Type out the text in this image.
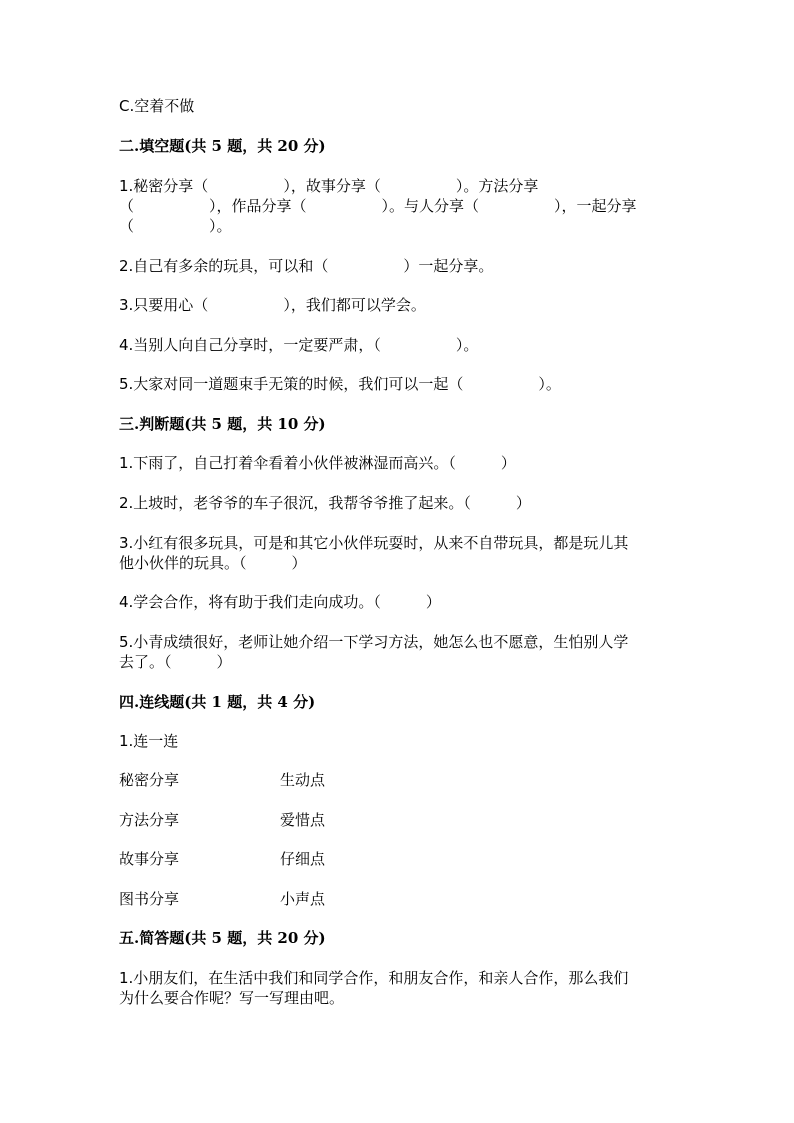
C.空着不做
二.填空题(共 5 题，共 20 分)
1.秘密分享（　　　　　），故事分享（　　　　　）。方法分享
（　　　　　），作品分享（　　　　　）。与人分享（　　　　　），一起分享
（　　　　　）。
2.自己有多余的玩具，可以和（　　　　　）一起分享。
3.只要用心（　　　　　），我们都可以学会。
4.当别人向自己分享时，一定要严肃，（　　　　　）。
5.大家对同一道题束手无策的时候，我们可以一起（　　　　　）。
三.判断题(共 5 题，共 10 分)
1.下雨了，自己打着伞看着小伙伴被淋湿而高兴。（　　　）
2.上坡时，老爷爷的车子很沉，我帮爷爷推了起来。（　　　）
3.小红有很多玩具，可是和其它小伙伴玩耍时，从来不自带玩具，都是玩儿其
他小伙伴的玩具。（　　　）
4.学会合作，将有助于我们走向成功。（　　　）
5.小青成绩很好，老师让她介绍一下学习方法，她怎么也不愿意，生怕别人学
去了。（　　　）
四.连线题(共 1 题，共 4 分)
1.连一连
秘密分享	生动点
方法分享	爱惜点
故事分享	仔细点
图书分享	小声点
五.简答题(共 5 题，共 20 分)
1.小朋友们，在生活中我们和同学合作，和朋友合作，和亲人合作，那么我们
为什么要合作呢？写一写理由吧。
